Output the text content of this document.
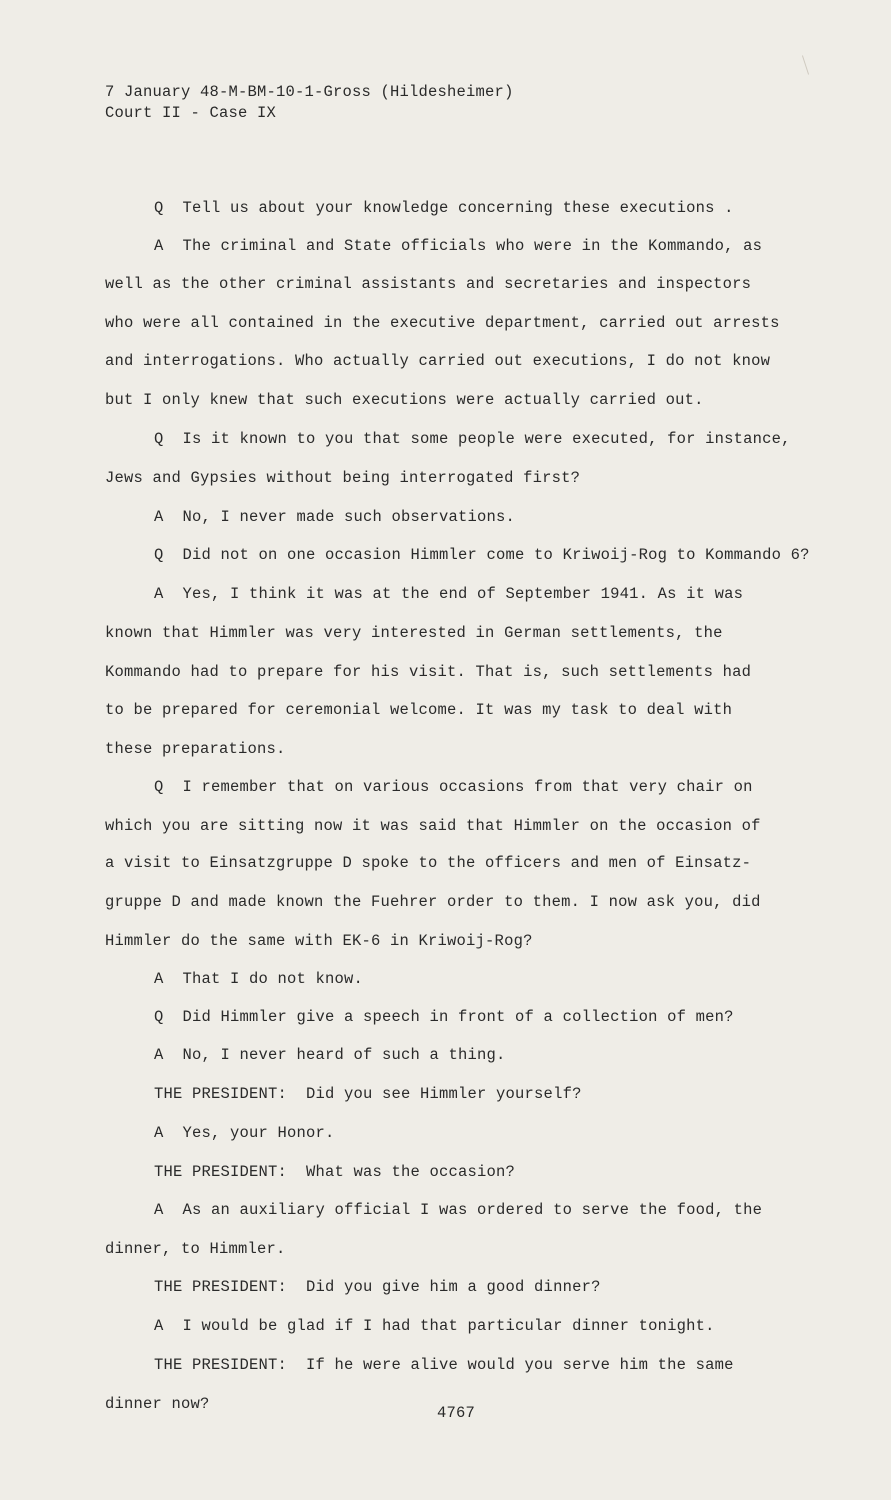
7 January 48-M-BM-10-1-Gross (Hildesheimer)
Court II - Case IX
Q  Tell us about your knowledge concerning these executions .
A  The criminal and State officials who were in the Kommando, as
well as the other criminal assistants and secretaries and inspectors
who were all contained in the executive department, carried out arrests
and interrogations. Who actually carried out executions, I do not know
but I only knew that such executions were actually carried out.
Q  Is it known to you that some people were executed, for instance,
Jews and Gypsies without being interrogated first?
A  No, I never made such observations.
Q  Did not on one occasion Himmler come to Kriwoij-Rog to Kommando 6?
A  Yes, I think it was at the end of September 1941. As it was
known that Himmler was very interested in German settlements, the
Kommando had to prepare for his visit. That is, such settlements had
to be prepared for ceremonial welcome. It was my task to deal with
these preparations.
Q  I remember that on various occasions from that very chair on
which you are sitting now it was said that Himmler on the occasion of
a visit to Einsatzgruppe D spoke to the officers and men of Einsatz-
gruppe D and made known the Fuehrer order to them. I now ask you, did
Himmler do the same with EK-6 in Kriwoij-Rog?
A  That I do not know.
Q  Did Himmler give a speech in front of a collection of men?
A  No, I never heard of such a thing.
THE PRESIDENT:  Did you see Himmler yourself?
A  Yes, your Honor.
THE PRESIDENT:  What was the occasion?
A  As an auxiliary official I was ordered to serve the food, the
dinner, to Himmler.
THE PRESIDENT:  Did you give him a good dinner?
A  I would be glad if I had that particular dinner tonight.
THE PRESIDENT:  If he were alive would you serve him the same
dinner now?	4767
